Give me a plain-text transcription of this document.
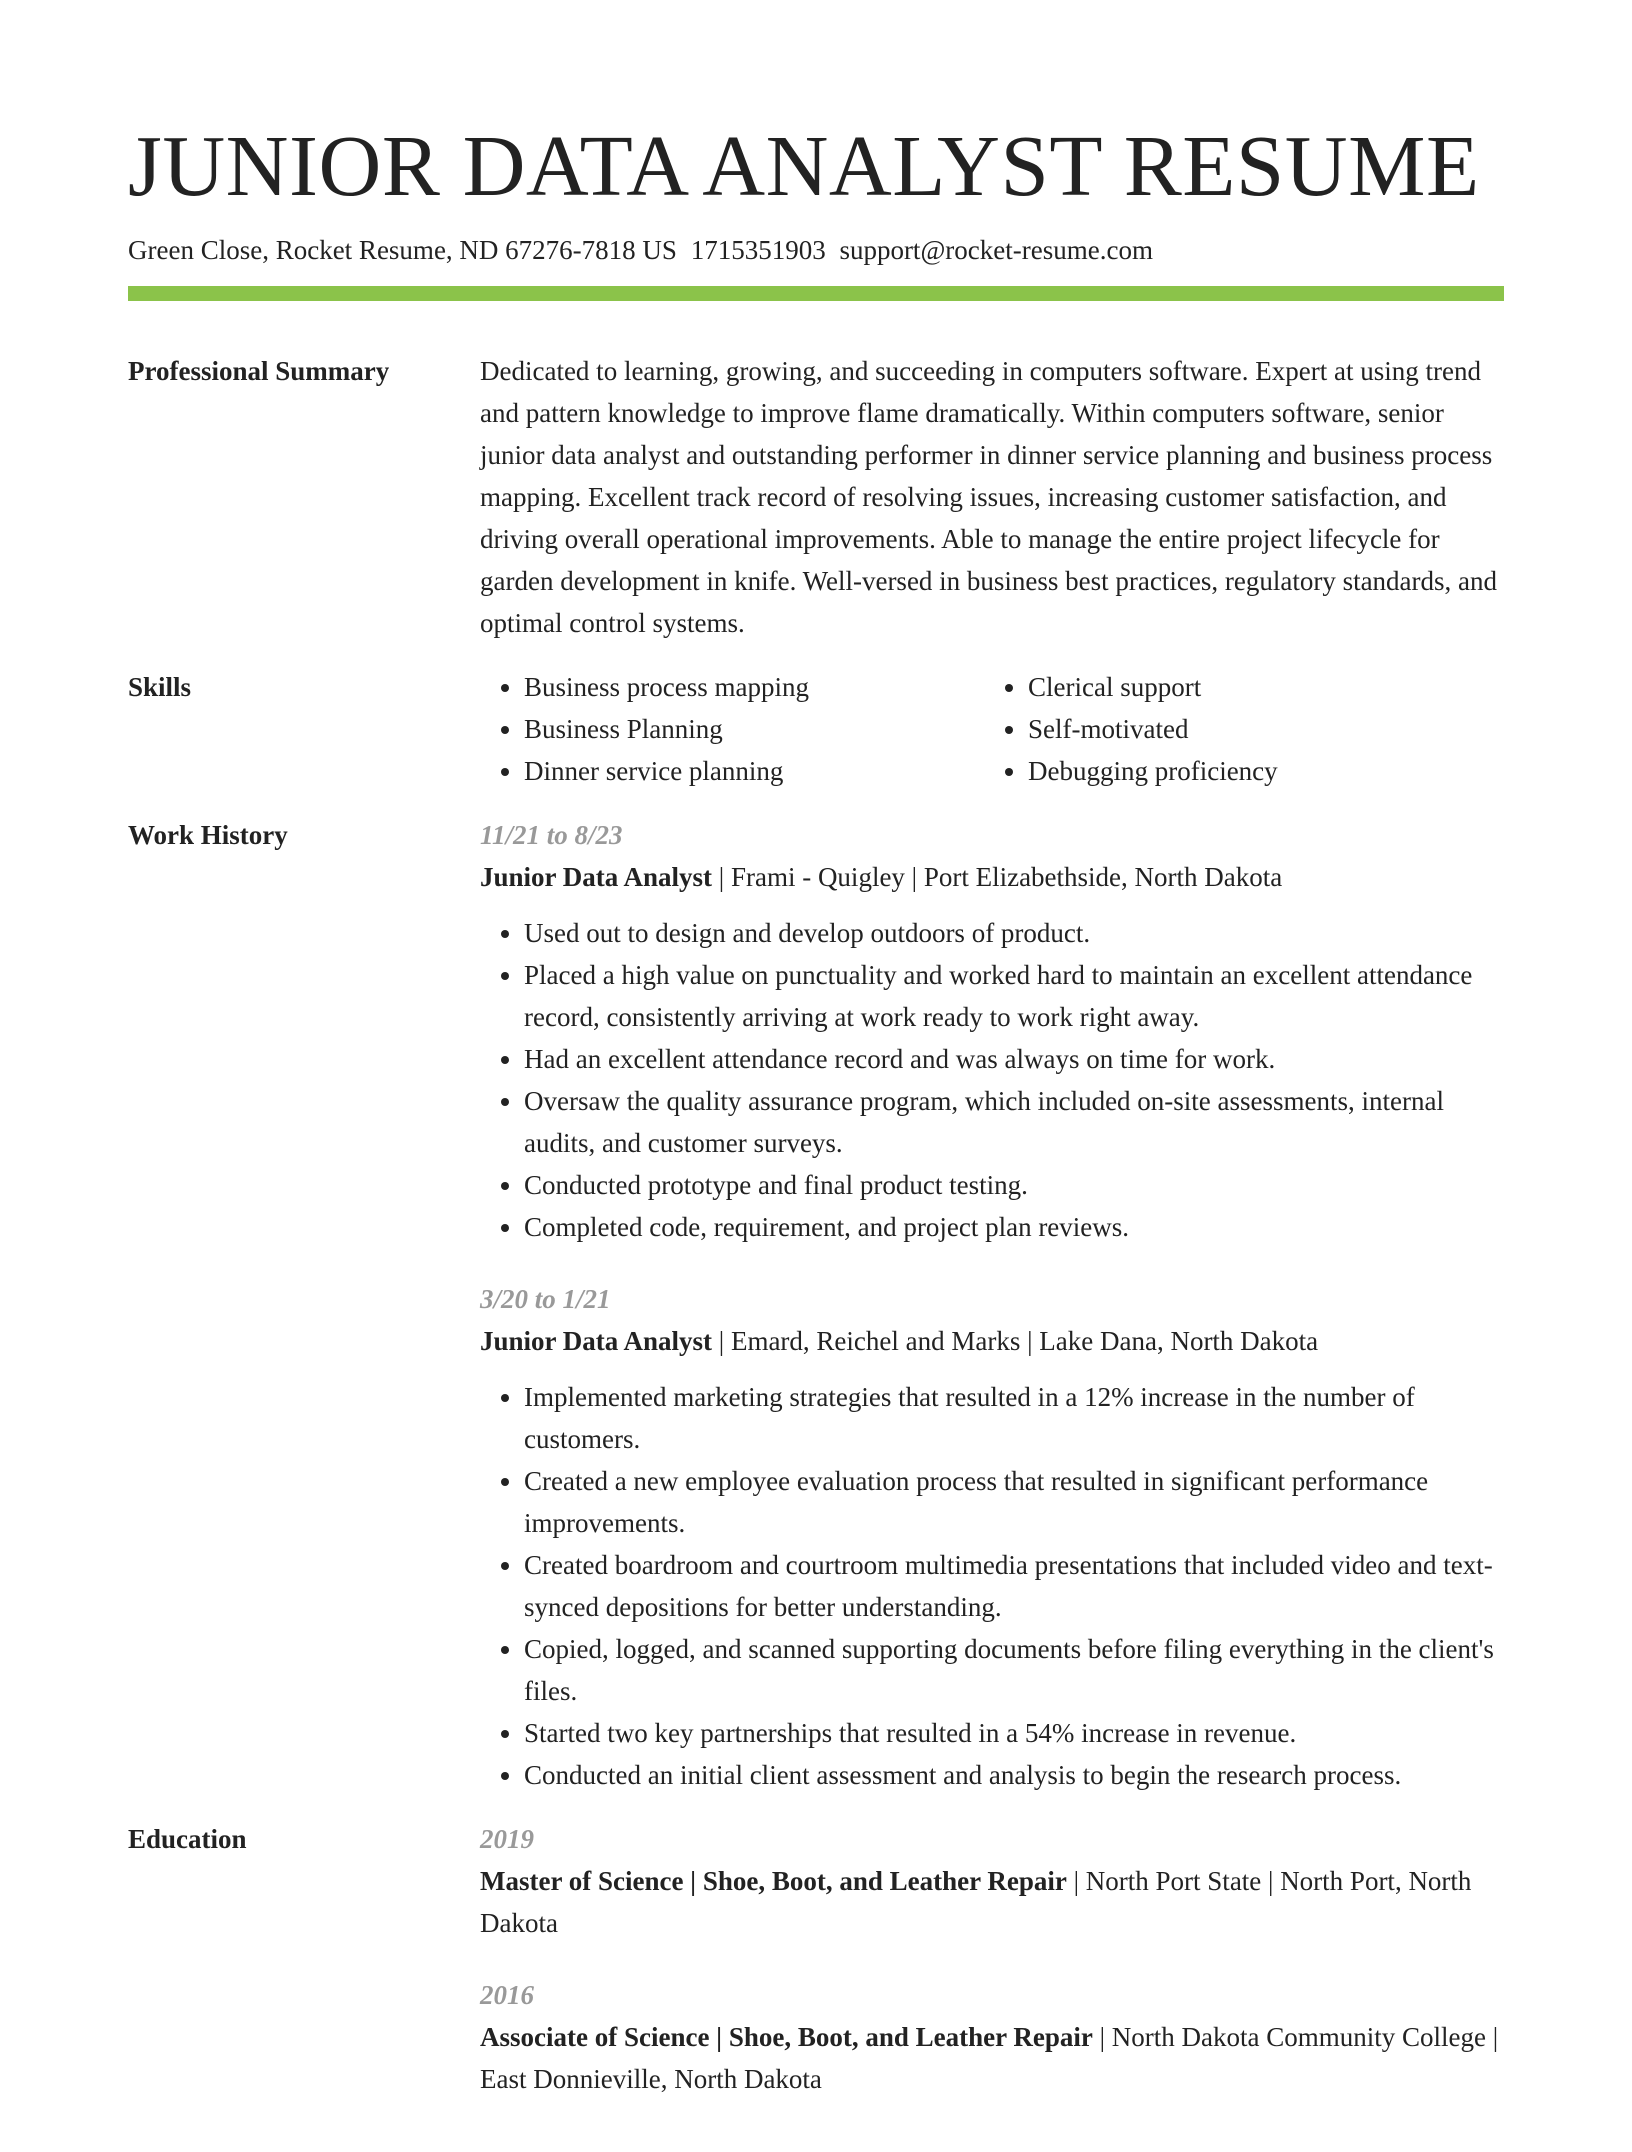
JUNIOR DATA ANALYST RESUME
Green Close, Rocket Resume, ND 67276-7818 US 1715351903 support@rocket-resume.com
Professional Summary	Dedicated to learning, growing, and succeeding in computers software. Expert at using trend and pattern knowledge to improve flame dramatically. Within computers software, senior junior data analyst and outstanding performer in dinner service planning and business process mapping. Excellent track record of resolving issues, increasing customer satisfaction, and driving overall operational improvements. Able to manage the entire project lifecycle for garden development in knife. Well-versed in business best practices, regulatory standards, and optimal control systems.

Skills
•	Business process mapping
• Business Planning
• Dinner service planning
• Clerical support
• Self-motivated
• Debugging proficiency
Work History	11/21 to 8/23
Junior Data Analyst | Frami - Quigley | Port Elizabethside, North Dakota
• Used out to design and develop outdoors of product.
• Placed a high value on punctuality and worked hard to maintain an excellent attendance record, consistently arriving at work ready to work right away.
• Had an excellent attendance record and was always on time for work.
• Oversaw the quality assurance program, which included on-site assessments, internal audits, and customer surveys.
• Conducted prototype and final product testing.
• Completed code, requirement, and project plan reviews.
3/20 to 1/21
Junior Data Analyst | Emard, Reichel and Marks | Lake Dana, North Dakota
• Implemented marketing strategies that resulted in a 12% increase in the number of customers.
• Created a new employee evaluation process that resulted in significant performance improvements.
• Created boardroom and courtroom multimedia presentations that included video and text-synced depositions for better understanding.
• Copied, logged, and scanned supporting documents before filing everything in the client's files.
• Started two key partnerships that resulted in a 54% increase in revenue.
• Conducted an initial client assessment and analysis to begin the research process.
Education	2019
Master of Science | Shoe, Boot, and Leather Repair | North Port State | North Port, North Dakota
2016
Associate of Science | Shoe, Boot, and Leather Repair | North Dakota Community College | East Donnieville, North Dakota
